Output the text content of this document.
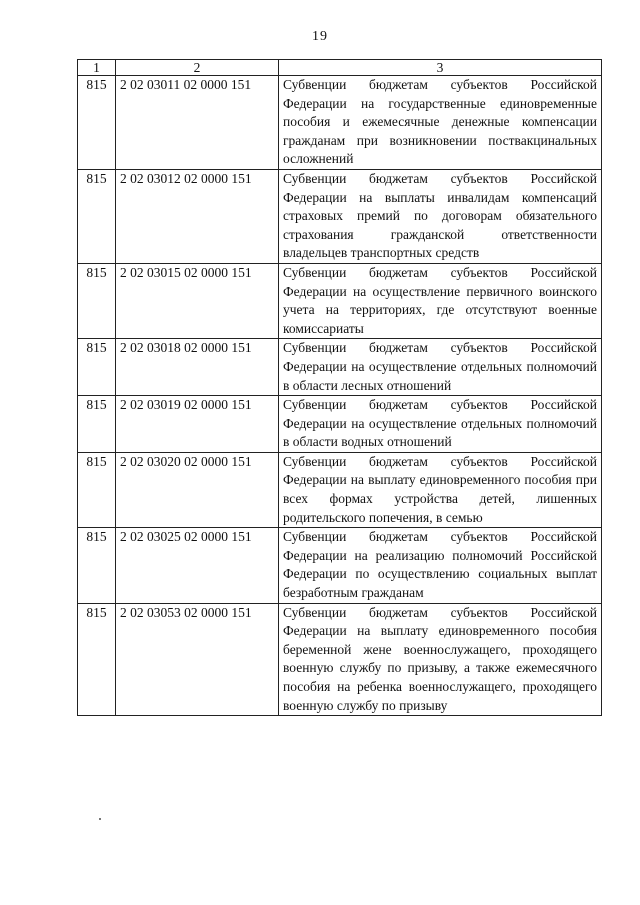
19
1	2	3
815	2 02 03011 02 0000 151	Субвенции бюджетам субъектов Российской Федерации на государственные единовременные пособия и ежемесячные денежные компенсации гражданам при возникновении поствакцинальных осложнений
815	2 02 03012 02 0000 151	Субвенции бюджетам субъектов Российской Федерации на выплаты инвалидам компенсаций страховых премий по договорам обязательного страхования гражданской ответственности владельцев транспортных средств
815	2 02 03015 02 0000 151	Субвенции бюджетам субъектов Российской Федерации на осуществление первичного воинского учета на территориях, где отсутствуют военные комиссариаты
815	2 02 03018 02 0000 151	Субвенции бюджетам субъектов Российской Федерации на осуществление отдельных полномочий в области лесных отношений
815	2 02 03019 02 0000 151	Субвенции бюджетам субъектов Российской Федерации на осуществление отдельных полномочий в области водных отношений
815	2 02 03020 02 0000 151	Субвенции бюджетам субъектов Российской Федерации на выплату единовременного пособия при всех формах устройства детей, лишенных родительского попечения, в семью
815	2 02 03025 02 0000 151	Субвенции бюджетам субъектов Российской Федерации на реализацию полномочий Российской Федерации по осуществлению социальных выплат безработным гражданам
815	2 02 03053 02 0000 151	Субвенции бюджетам субъектов Российской Федерации на выплату единовременного пособия беременной жене военнослужащего, проходящего военную службу по призыву, а также ежемесячного пособия на ребенка военнослужащего, проходящего военную службу по призыву
